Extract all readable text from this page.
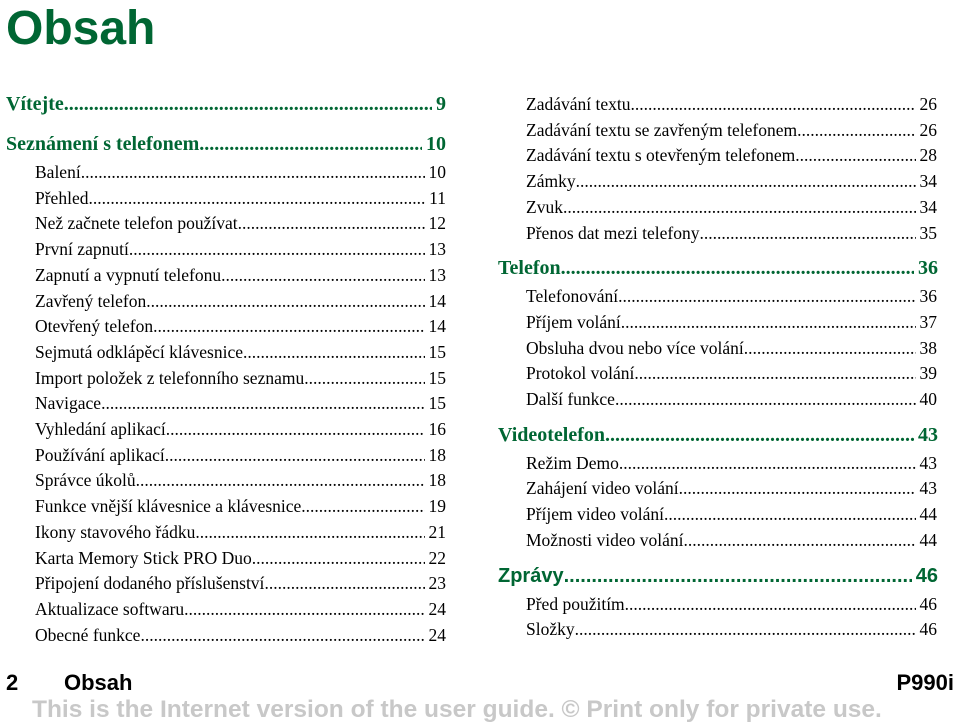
Obsah
Vítejte .....	9
Seznámení s telefonem .....	10
Balení .....	10
Přehled .....	11
Než začnete telefon používat .....	12
První zapnutí .....	13
Zapnutí a vypnutí telefonu .....	13
Zavřený telefon .....	14
Otevřený telefon .....	14
Sejmutá odklápěcí klávesnice .....	15
Import položek z telefonního seznamu .....	15
Navigace .....	15
Vyhledání aplikací .....	16
Používání aplikací .....	18
Správce úkolů .....	18
Funkce vnější klávesnice a klávesnice .....	19
Ikony stavového řádku .....	21
Karta Memory Stick PRO Duo .....	22
Připojení dodaného příslušenství .....	23
Aktualizace softwaru .....	24
Obecné funkce .....	24
Zadávání textu .....	26
Zadávání textu se zavřeným telefonem .....	26
Zadávání textu s otevřeným telefonem .....	28
Zámky .....	34
Zvuk .....	34
Přenos dat mezi telefony .....	35
Telefon .....	36
Telefonování .....	36
Příjem volání .....	37
Obsluha dvou nebo více volání .....	38
Protokol volání .....	39
Další funkce .....	40
Videotelefon .....	43
Režim Demo .....	43
Zahájení video volání .....	43
Příjem video volání .....	44
Možnosti video volání .....	44
Zprávy .....	46
Před použitím .....	46
Složky .....	46
2 Obsah	P990i
This is the Internet version of the user guide. © Print only for private use.
